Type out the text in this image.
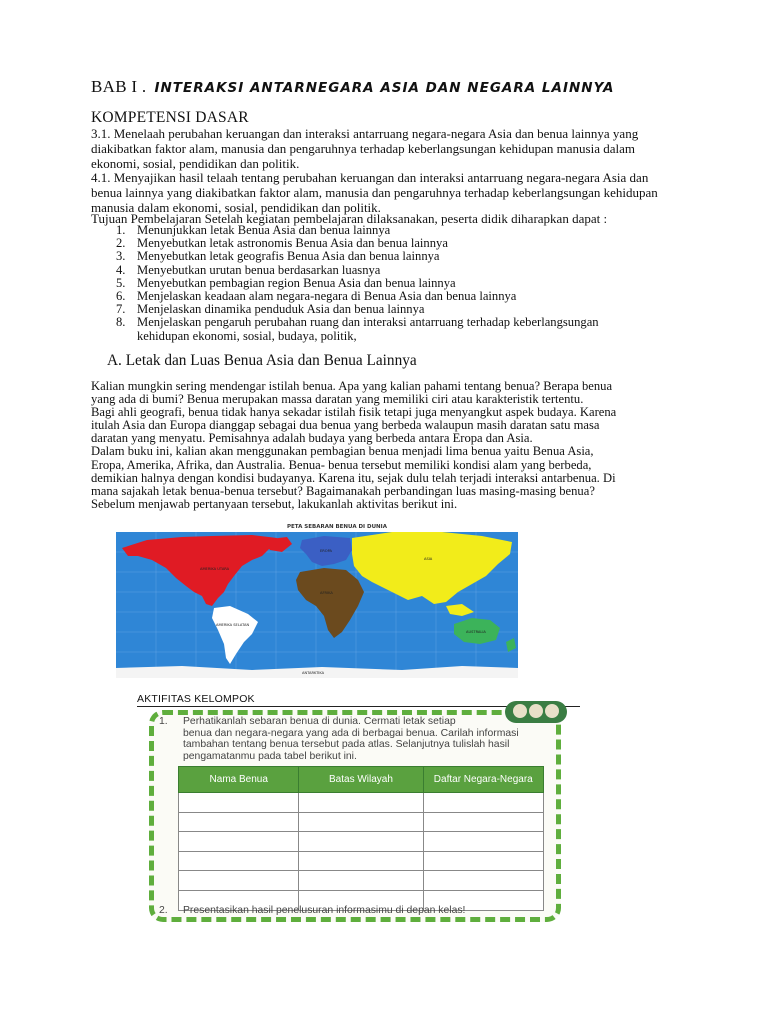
BAB I . INTERAKSI ANTARNEGARA ASIA DAN NEGARA LAINNYA
KOMPETENSI DASAR
3.1. Menelaah perubahan keruangan dan interaksi antarruang negara-negara Asia dan benua lainnya yang diakibatkan faktor alam, manusia dan pengaruhnya terhadap keberlangsungan kehidupan manusia dalam ekonomi, sosial, pendidikan dan politik.
4.1. Menyajikan hasil telaah tentang perubahan keruangan dan interaksi antarruang negara-negara Asia dan benua lainnya yang diakibatkan faktor alam, manusia dan pengaruhnya terhadap keberlangsungan kehidupan manusia dalam ekonomi, sosial, pendidikan dan politik.
Tujuan Pembelajaran Setelah kegiatan pembelajaran dilaksanakan, peserta didik diharapkan dapat :
1. Menunjukkan letak Benua Asia dan benua lainnya
2. Menyebutkan letak astronomis Benua Asia dan benua lainnya
3. Menyebutkan letak geografis Benua Asia dan benua lainnya
4. Menyebutkan urutan benua berdasarkan luasnya
5. Menyebutkan pembagian region Benua Asia dan benua lainnya
6. Menjelaskan keadaan alam negara-negara di Benua Asia dan benua lainnya
7. Menjelaskan dinamika penduduk Asia dan benua lainnya
8. Menjelaskan pengaruh perubahan ruang dan interaksi antarruang terhadap keberlangsungan kehidupan ekonomi, sosial, budaya, politik,
A. Letak dan Luas Benua Asia dan Benua Lainnya
Kalian mungkin sering mendengar istilah benua. Apa yang kalian pahami tentang benua? Berapa benua
yang ada di bumi? Benua merupakan massa daratan yang memiliki ciri atau karakteristik tertentu.
Bagi ahli geografi, benua tidak hanya sekadar istilah fisik tetapi juga menyangkut aspek budaya. Karena
itulah Asia dan Europa dianggap sebagai dua benua yang berbeda walaupun masih daratan satu masa
daratan yang menyatu. Pemisahnya adalah budaya yang berbeda antara Eropa dan Asia.
Dalam buku ini, kalian akan menggunakan pembagian benua menjadi lima benua yaitu Benua Asia,
Eropa, Amerika, Afrika, dan Australia. Benua- benua tersebut memiliki kondisi alam yang berbeda,
demikian halnya dengan kondisi budayanya. Karena itu, sejak dulu telah terjadi interaksi antarbenua. Di
mana sajakah letak benua-benua tersebut? Bagaimanakah perbandingan luas masing-masing benua?
Sebelum menjawab pertanyaan tersebut, lakukanlah aktivitas berikut ini.
PETA SEBARAN BENUA DI DUNIA
AMERIKA UTARA
AMERIKA SELATAN
EROPA
AFRIKA
ASIA
AUSTRALIA
ANTARKTIKA
AKTIFITAS KELOMPOK
1. Perhatikanlah sebaran benua di dunia. Cermati letak setiap
benua dan negara-negara yang ada di berbagai benua. Carilah informasi tambahan tentang benua tersebut pada atlas. Selanjutnya tulislah hasil pengamatanmu pada tabel berikut ini.
Nama Benua	Batas Wilayah	Daftar Negara-Negara

2. Presentasikan hasil penelusuran informasimu di depan kelas!
